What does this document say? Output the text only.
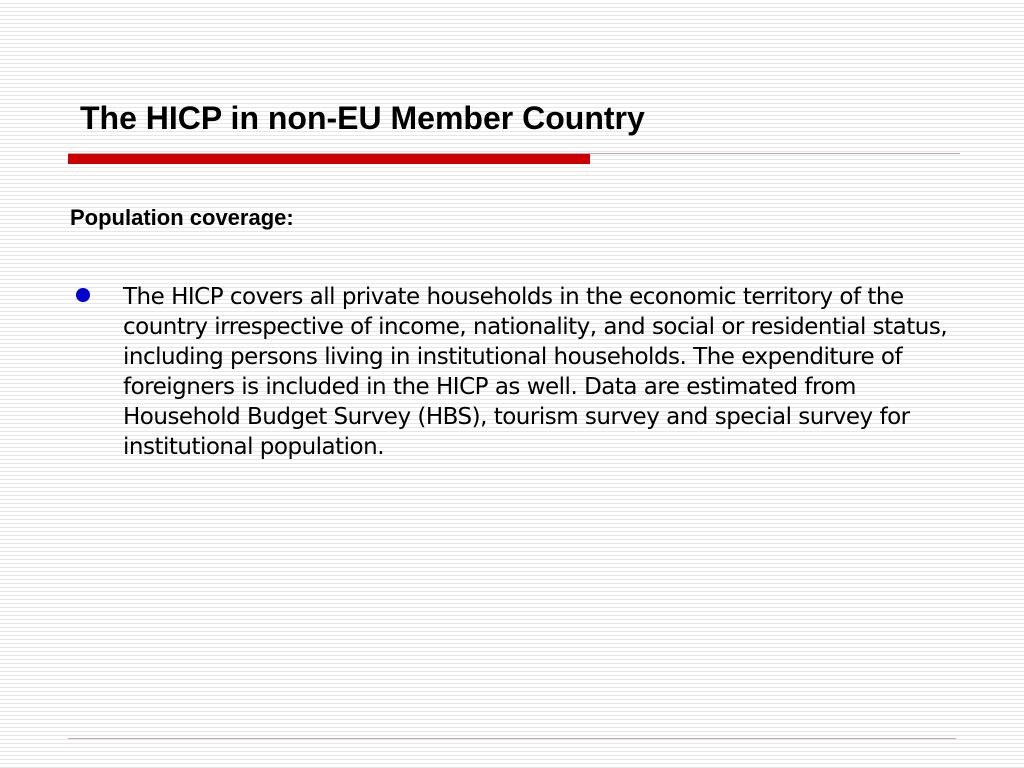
The HICP in non-EU Member Country
Population coverage:
The HICP covers all private households in the economic territory of the country irrespective of income, nationality, and social or residential status, including persons living in institutional households. The expenditure of foreigners is included in the HICP as well. Data are estimated from Household Budget Survey (HBS), tourism survey and special survey for institutional population.
